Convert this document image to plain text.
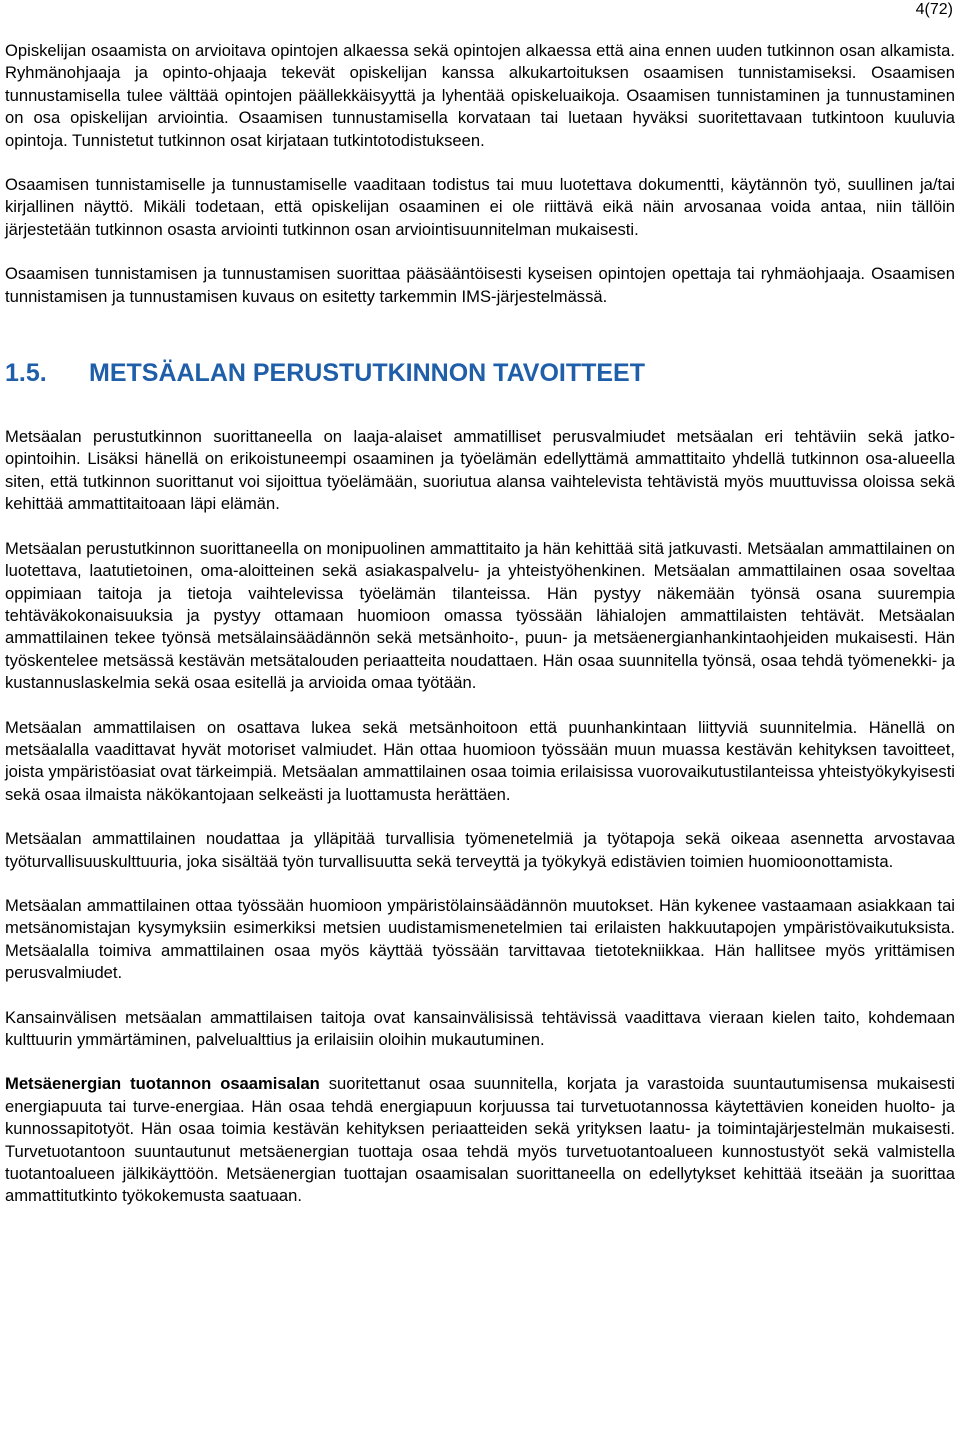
4(72)

Opiskelijan osaamista on arvioitava opintojen alkaessa sekä opintojen alkaessa että aina ennen uuden tutkinnon osan alkamista. Ryhmänohjaaja ja opinto-ohjaaja tekevät opiskelijan kanssa alkukartoituksen osaamisen tunnistamiseksi. Osaamisen tunnustamisella tulee välttää opintojen päällekkäisyyttä ja lyhentää opiskeluaikoja. Osaamisen tunnistaminen ja tunnustaminen on osa opiskelijan arviointia. Osaamisen tunnustamisella korvataan tai luetaan hyväksi suoritettavaan tutkintoon kuuluvia opintoja. Tunnistetut tutkinnon osat kirjataan tutkintotodistukseen.

Osaamisen tunnistamiselle ja tunnustamiselle vaaditaan todistus tai muu luotettava dokumentti, käytännön työ, suullinen ja/tai kirjallinen näyttö. Mikäli todetaan, että opiskelijan osaaminen ei ole riittävä eikä näin arvosanaa voida antaa, niin tällöin järjestetään tutkinnon osasta arviointi tutkinnon osan arviointisuunnitelman mukaisesti.

Osaamisen tunnistamisen ja tunnustamisen suorittaa pääsääntöisesti kyseisen opintojen opettaja tai ryhmäohjaaja. Osaamisen tunnistamisen ja tunnustamisen kuvaus on esitetty tarkemmin IMS-järjestelmässä.

1.5.	METSÄALAN PERUSTUTKINNON TAVOITTEET

Metsäalan perustutkinnon suorittaneella on laaja-alaiset ammatilliset perusvalmiudet metsäalan eri tehtäviin sekä jatko-opintoihin. Lisäksi hänellä on erikoistuneempi osaaminen ja työelämän edellyttämä ammattitaito yhdellä tutkinnon osa-alueella siten, että tutkinnon suorittanut voi sijoittua työelämään, suoriutua alansa vaihtelevista tehtävistä myös muuttuvissa oloissa sekä kehittää ammattitaitoaan läpi elämän.

Metsäalan perustutkinnon suorittaneella on monipuolinen ammattitaito ja hän kehittää sitä jatkuvasti. Metsäalan ammattilainen on luotettava, laatutietoinen, oma-aloitteinen sekä asiakaspalvelu- ja yhteistyöhenkinen. Metsäalan ammattilainen osaa soveltaa oppimiaan taitoja ja tietoja vaihtelevissa työelämän tilanteissa. Hän pystyy näkemään työnsä osana suurempia tehtäväkokonaisuuksia ja pystyy ottamaan huomioon omassa työssään lähialojen ammattilaisten tehtävät. Metsäalan ammattilainen tekee työnsä metsälainsäädännön sekä metsänhoito-, puun- ja metsäenergianhankintaohjeiden mukaisesti. Hän työskentelee metsässä kestävän metsätalouden periaatteita noudattaen. Hän osaa suunnitella työnsä, osaa tehdä työmenekki- ja kustannuslaskelmia sekä osaa esitellä ja arvioida omaa työtään.

Metsäalan ammattilaisen on osattava lukea sekä metsänhoitoon että puunhankintaan liittyviä suunnitelmia. Hänellä on metsäalalla vaadittavat hyvät motoriset valmiudet. Hän ottaa huomioon työssään muun muassa kestävän kehityksen tavoitteet, joista ympäristöasiat ovat tärkeimpiä. Metsäalan ammattilainen osaa toimia erilaisissa vuorovaikutustilanteissa yhteistyökykyisesti sekä osaa ilmaista näkökantojaan selkeästi ja luottamusta herättäen.

Metsäalan ammattilainen noudattaa ja ylläpitää turvallisia työmenetelmiä ja työtapoja sekä oikeaa asennetta arvostavaa työturvallisuuskulttuuria, joka sisältää työn turvallisuutta sekä terveyttä ja työkykyä edistävien toimien huomioonottamista.

Metsäalan ammattilainen ottaa työssään huomioon ympäristölainsäädännön muutokset. Hän kykenee vastaamaan asiakkaan tai metsänomistajan kysymyksiin esimerkiksi metsien uudistamismenetelmien tai erilaisten hakkuutapojen ympäristövaikutuksista. Metsäalalla toimiva ammattilainen osaa myös käyttää työssään tarvittavaa tietotekniikkaa. Hän hallitsee myös yrittämisen perusvalmiudet.

Kansainvälisen metsäalan ammattilaisen taitoja ovat kansainvälisissä tehtävissä vaadittava vieraan kielen taito, kohdemaan kulttuurin ymmärtäminen, palvelualttius ja erilaisiin oloihin mukautuminen.

Metsäenergian tuotannon osaamisalan suoritettanut osaa suunnitella, korjata ja varastoida suuntautumisensa mukaisesti energiapuuta tai turve-energiaa. Hän osaa tehdä energiapuun korjuussa tai turvetuotannossa käytettävien koneiden huolto- ja kunnossapitotyöt. Hän osaa toimia kestävän kehityksen periaatteiden sekä yrityksen laatu- ja toimintajärjestelmän mukaisesti. Turvetuotantoon suuntautunut metsäenergian tuottaja osaa tehdä myös turvetuotantoalueen kunnostustyöt sekä valmistella tuotantoalueen jälkikäyttöön. Metsäenergian tuottajan osaamisalan suorittaneella on edellytykset kehittää itseään ja suorittaa ammattitutkinto työkokemusta saatuaan.
